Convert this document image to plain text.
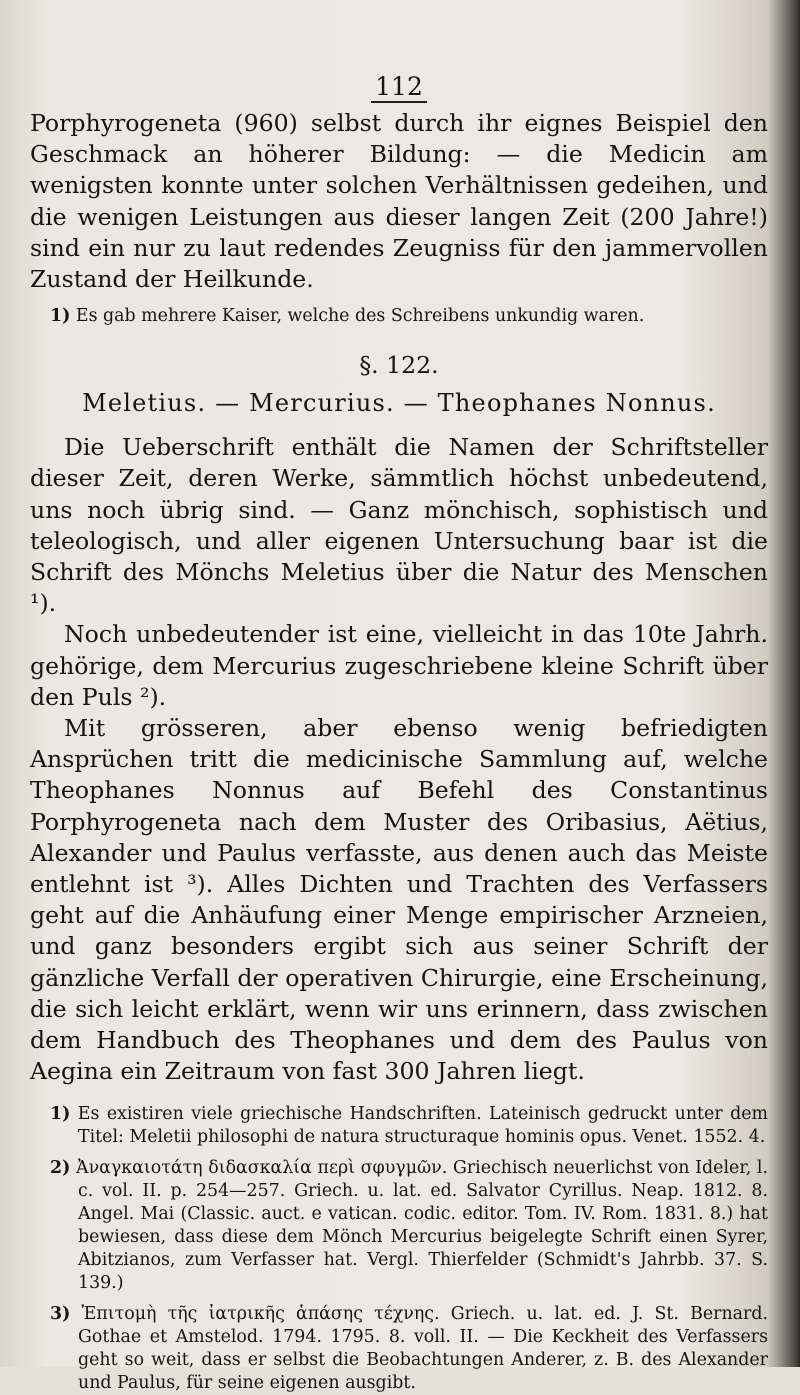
112

Porphyrogeneta (960) selbst durch ihr eignes Beispiel den Geschmack an höherer Bildung: — die Medicin am wenigsten konnte unter solchen Verhältnissen gedeihen, und die wenigen Leistungen aus dieser langen Zeit (200 Jahre!) sind ein nur zu laut redendes Zeugniss für den jammervollen Zustand der Heilkunde.

1) Es gab mehrere Kaiser, welche des Schreibens unkundig waren.

§. 122.
Meletius. — Mercurius. — Theophanes Nonnus.

Die Ueberschrift enthält die Namen der Schriftsteller dieser Zeit, deren Werke, sämmtlich höchst unbedeutend, uns noch übrig sind. — Ganz mönchisch, sophistisch und teleologisch, und aller eigenen Untersuchung baar ist die Schrift des Mönchs Meletius über die Natur des Menschen ¹).

Noch unbedeutender ist eine, vielleicht in das 10te Jahrh. gehörige, dem Mercurius zugeschriebene kleine Schrift über den Puls ²).

Mit grösseren, aber ebenso wenig befriedigten Ansprüchen tritt die medicinische Sammlung auf, welche Theophanes Nonnus auf Befehl des Constantinus Porphyrogeneta nach dem Muster des Oribasius, Aëtius, Alexander und Paulus verfasste, aus denen auch das Meiste entlehnt ist ³). Alles Dichten und Trachten des Verfassers geht auf die Anhäufung einer Menge empirischer Arzneien, und ganz besonders ergibt sich aus seiner Schrift der gänzliche Verfall der operativen Chirurgie, eine Erscheinung, die sich leicht erklärt, wenn wir uns erinnern, dass zwischen dem Handbuch des Theophanes und dem des Paulus von Aegina ein Zeitraum von fast 300 Jahren liegt.

1) Es existiren viele griechische Handschriften. Lateinisch gedruckt unter dem Titel: Meletii philosophi de natura structuraque hominis opus. Venet. 1552. 4.

2) Ἀναγκαιοτάτη διδασκαλία περὶ σφυγμῶν. Griechisch neuerlichst von Ideler, l. c. vol. II. p. 254—257. Griech. u. lat. ed. Salvator Cyrillus. Neap. 1812. 8. Angel. Mai (Classic. auct. e vatican. codic. editor. Tom. IV. Rom. 1831. 8.) hat bewiesen, dass diese dem Mönch Mercurius beigelegte Schrift einen Syrer, Abitzianos, zum Verfasser hat. Vergl. Thierfelder (Schmidt's Jahrbb. 37. S. 139.)

3) Ἐπιτομὴ τῆς ἰατρικῆς ἁπάσης τέχνης. Griech. u. lat. ed. J. St. Bernard. Gothae et Amstelod. 1794. 1795. 8. voll. II. — Die Keckheit des Verfassers geht so weit, dass er selbst die Beobachtungen Anderer, z. B. des Alexander und Paulus, für seine eigenen ausgibt.
